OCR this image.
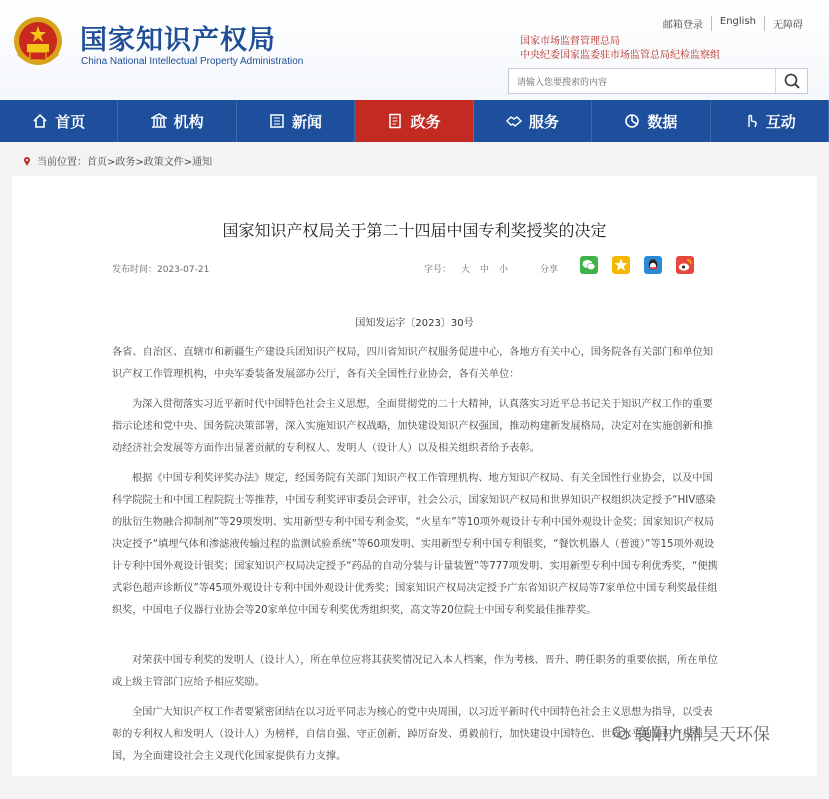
国家知识产权局
China National Intellectual Property Administration
邮箱登录	English	无障碍
国家市场监督管理总局
中央纪委国家监委驻市场监管总局纪检监察组
请输入您要搜索的内容
首页	机构	新闻	政务	服务	数据	互动
当前位置：首页>政务>政策文件>通知
国家知识产权局关于第二十四届中国专利奖授奖的决定
发布时间：2023-07-21	字号： 大 中 小	分享
国知发运字〔2023〕30号

各省、自治区、直辖市和新疆生产建设兵团知识产权局，四川省知识产权服务促进中心，各地方有关中心，国务院各有关部门和单位知识产权工作管理机构，中央军委装备发展部办公厅，各有关全国性行业协会，各有关单位：

为深入贯彻落实习近平新时代中国特色社会主义思想，全面贯彻党的二十大精神，认真落实习近平总书记关于知识产权工作的重要指示论述和党中央、国务院决策部署，深入实施知识产权战略，加快建设知识产权强国，推动构建新发展格局，决定对在实施创新和推动经济社会发展等方面作出显著贡献的专利权人、发明人（设计人）以及相关组织者给予表彰。

根据《中国专利奖评奖办法》规定，经国务院有关部门知识产权工作管理机构、地方知识产权局、有关全国性行业协会，以及中国科学院院士和中国工程院院士等推荐，中国专利奖评审委员会评审，社会公示，国家知识产权局和世界知识产权组织决定授予“HIV感染的肽衍生物融合抑制剂”等29项发明、实用新型专利中国专利金奖，“火星车”等10项外观设计专利中国外观设计金奖；国家知识产权局决定授予“填埋气体和渗滤液传输过程的监测试验系统”等60项发明、实用新型专利中国专利银奖，“餐饮机器人（普渡）”等15项外观设计专利中国外观设计银奖；国家知识产权局决定授予“药品的自动分装与计量装置”等777项发明、实用新型专利中国专利优秀奖，“便携式彩色超声诊断仪”等45项外观设计专利中国外观设计优秀奖；国家知识产权局决定授予广东省知识产权局等7家单位中国专利奖最佳组织奖，中国电子仪器行业协会等20家单位中国专利奖优秀组织奖，高文等20位院士中国专利奖最佳推荐奖。

对荣获中国专利奖的发明人（设计人），所在单位应将其获奖情况记入本人档案，作为考核、晋升、聘任职务的重要依据，所在单位或上级主管部门应给予相应奖励。

全国广大知识产权工作者要紧密团结在以习近平同志为核心的党中央周围，以习近平新时代中国特色社会主义思想为指导，以受表彰的专利权人和发明人（设计人）为榜样，自信自强、守正创新，踔厉奋发、勇毅前行，加快建设中国特色、世界水平的知识产权强国，为全面建设社会主义现代化国家提供有力支撑。

襄阳九鼎昊天环保
